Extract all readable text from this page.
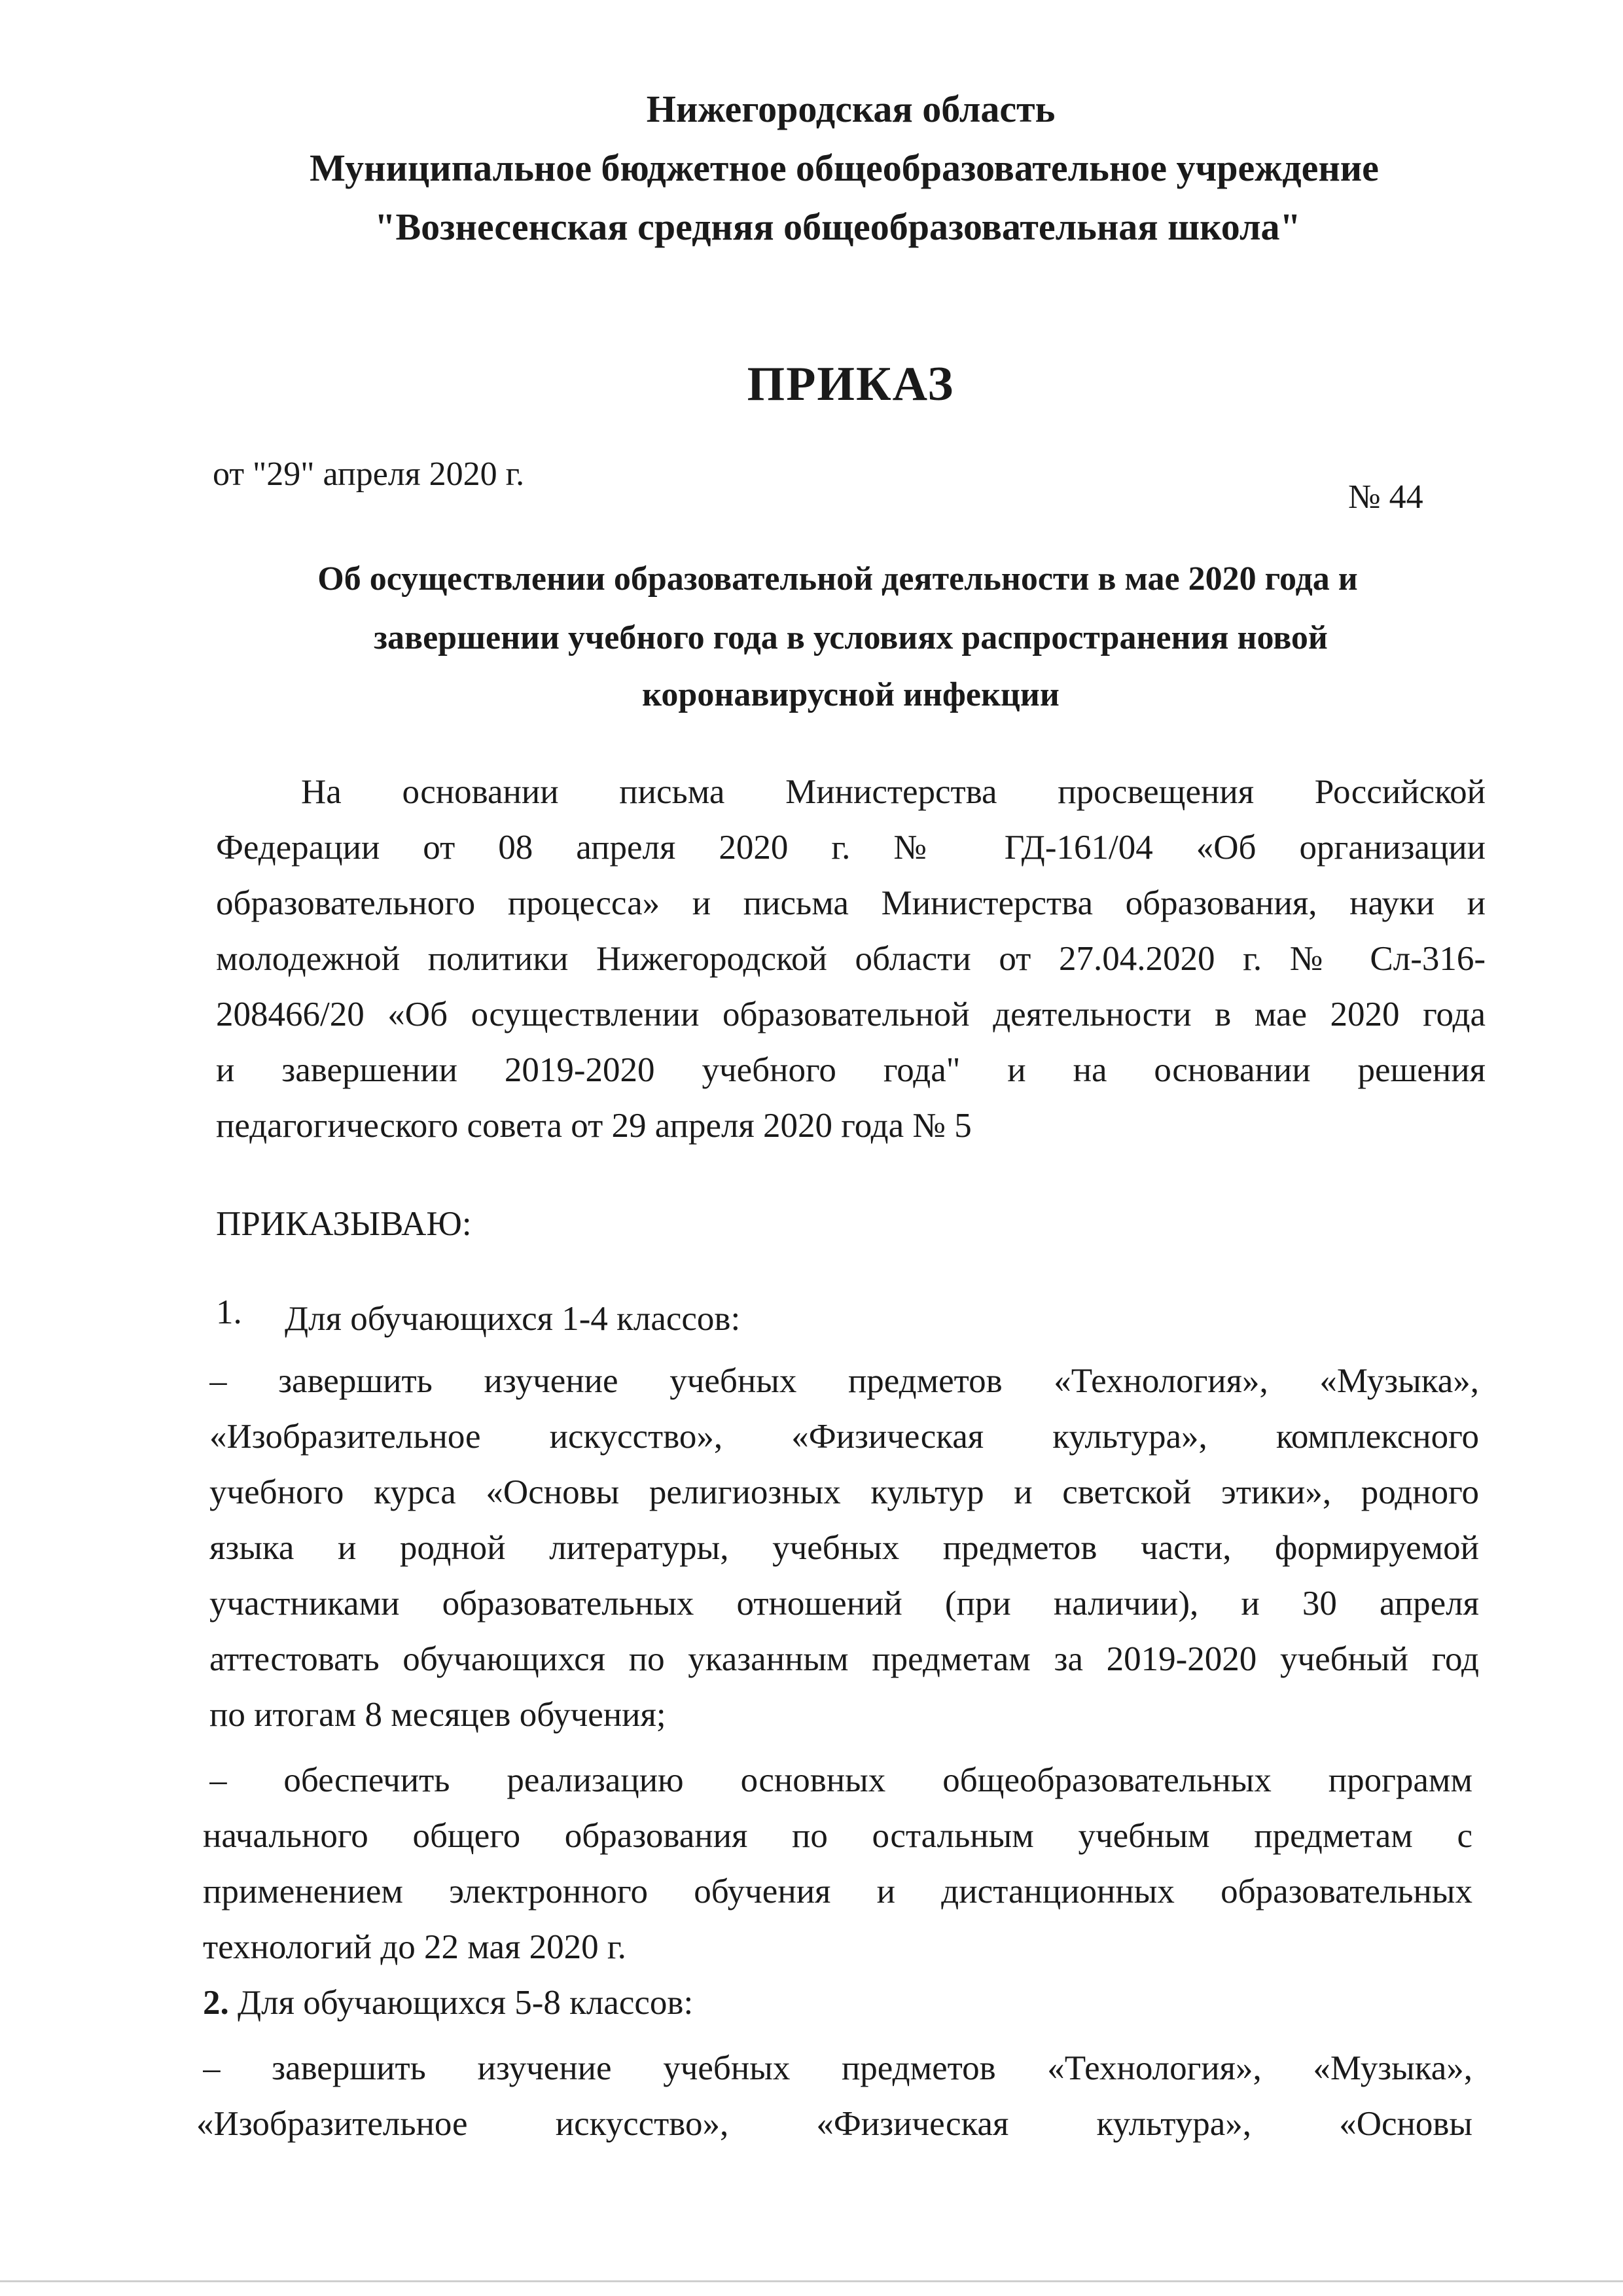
Нижегородская область
Муниципальное бюджетное общеобразовательное учреждение
"Вознесенская средняя общеобразовательная школа"
ПРИКАЗ
от "29" апреля 2020 г.
№ 44
Об осуществлении образовательной деятельности в мае 2020 года и
завершении учебного года в условиях распространения новой
коронавирусной инфекции
На основании письма Министерства просвещения Российской
Федерации от 08 апреля 2020 г. № ГД-161/04 «Об организации
образовательного процесса» и письма Министерства образования, науки и
молодежной политики Нижегородской области от 27.04.2020 г. № Сл-316-
208466/20 «Об осуществлении образовательной деятельности в мае 2020 года
и завершении 2019-2020 учебного года" и на основании решения
педагогического совета от 29 апреля 2020 года № 5
ПРИКАЗЫВАЮ:
1. Для обучающихся 1-4 классов:
– завершить изучение учебных предметов «Технология», «Музыка»,
«Изобразительное искусство», «Физическая культура», комплексного
учебного курса «Основы религиозных культур и светской этики», родного
языка и родной литературы, учебных предметов части, формируемой
участниками образовательных отношений (при наличии), и 30 апреля
аттестовать обучающихся по указанным предметам за 2019-2020 учебный год
по итогам 8 месяцев обучения;
– обеспечить реализацию основных общеобразовательных программ
начального общего образования по остальным учебным предметам с
применением электронного обучения и дистанционных образовательных
технологий до 22 мая 2020 г.
2. Для обучающихся 5-8 классов:
– завершить изучение учебных предметов «Технология», «Музыка»,
«Изобразительное искусство», «Физическая культура», «Основы
